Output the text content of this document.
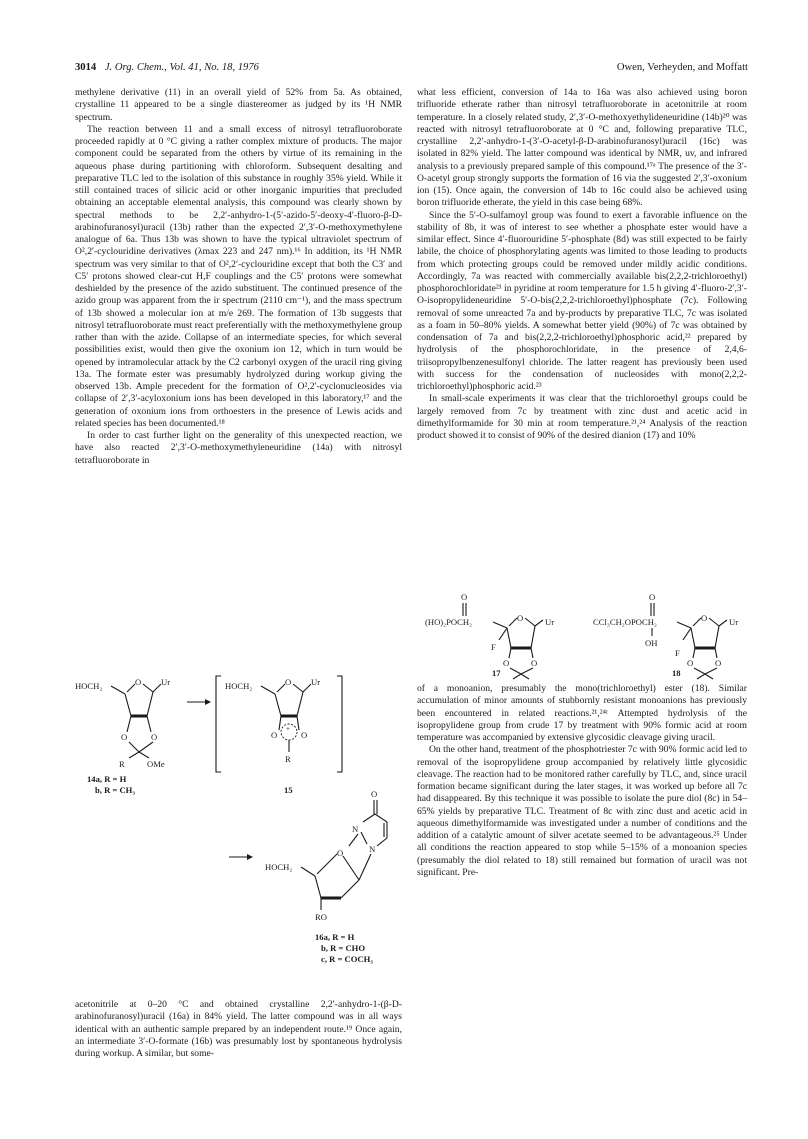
3014 J. Org. Chem., Vol. 41, No. 18, 1976	Owen, Verheyden, and Moffatt

methylene derivative (11) in an overall yield of 52% from 5a. As obtained, crystalline 11 appeared to be a single diastereomer as judged by its ¹H NMR spectrum.

The reaction between 11 and a small excess of nitrosyl tetrafluoroborate proceeded rapidly at 0 °C giving a rather complex mixture of products. The major component could be separated from the others by virtue of its remaining in the aqueous phase during partitioning with chloroform. Subsequent desalting and preparative TLC led to the isolation of this substance in roughly 35% yield. While it still contained traces of silicic acid or other inorganic impurities that precluded obtaining an acceptable elemental analysis, this compound was clearly shown by spectral methods to be 2,2′-anhydro-1-(5′-azido-5′-deoxy-4′-fluoro-β-D-arabinofuranosyl)uracil (13b) rather than the expected 2′,3′-O-methoxymethylene analogue of 6a. Thus 13b was shown to have the typical ultraviolet spectrum of O²,2′-cyclouridine derivatives (λmax 223 and 247 nm).¹⁶ In addition, its ¹H NMR spectrum was very similar to that of O²,2′-cyclouridine except that both the C3′ and C5′ protons showed clear-cut H,F couplings and the C5′ protons were somewhat deshielded by the presence of the azido substituent. The continued presence of the azido group was apparent from the ir spectrum (2110 cm⁻¹), and the mass spectrum of 13b showed a molecular ion at m/e 269. The formation of 13b suggests that nitrosyl tetrafluoroborate must react preferentially with the methoxymethylene group rather than with the azide. Collapse of an intermediate species, for which several possibilities exist, would then give the oxonium ion 12, which in turn would be opened by intramolecular attack by the C2 carbonyl oxygen of the uracil ring giving 13a. The formate ester was presumably hydrolyzed during workup giving the observed 13b. Ample precedent for the formation of O²,2′-cyclonucleosides via collapse of 2′,3′-acyloxonium ions has been developed in this laboratory,¹⁷ and the generation of oxonium ions from orthoesters in the presence of Lewis acids and related species has been documented.¹⁸

In order to cast further light on the generality of this unexpected reaction, we have also reacted 2′,3′-O-methoxymethyleneuridine (14a) with nitrosyl tetrafluoroborate in

what less efficient, conversion of 14a to 16a was also achieved using boron trifluoride etherate rather than nitrosyl tetrafluoroborate in acetonitrile at room temperature. In a closely related study, 2′,3′-O-methoxyethylideneuridine (14b)²⁰ was reacted with nitrosyl tetrafluoroborate at 0 °C and, following preparative TLC, crystalline 2,2′-anhydro-1-(3′-O-acetyl-β-D-arabinofuranosyl)uracil (16c) was isolated in 82% yield. The latter compound was identical by NMR, uv, and infrared analysis to a previously prepared sample of this compound.¹⁷ᵃ The presence of the 3′-O-acetyl group strongly supports the formation of 16 via the suggested 2′,3′-oxonium ion (15). Once again, the conversion of 14b to 16c could also be achieved using boron trifluoride etherate, the yield in this case being 68%.

Since the 5′-O-sulfamoyl group was found to exert a favorable influence on the stability of 8b, it was of interest to see whether a phosphate ester would have a similar effect. Since 4′-fluorouridine 5′-phosphate (8d) was still expected to be fairly labile, the choice of phosphorylating agents was limited to those leading to products from which protecting groups could be removed under mildly acidic conditions. Accordingly, 7a was reacted with commercially available bis(2,2,2-trichloroethyl) phosphorochloridate²¹ in pyridine at room temperature for 1.5 h giving 4′-fluoro-2′,3′-O-isopropylideneuridine 5′-O-bis(2,2,2-trichloroethyl)phosphate (7c). Following removal of some unreacted 7a and by-products by preparative TLC, 7c was isolated as a foam in 50–80% yields. A somewhat better yield (90%) of 7c was obtained by condensation of 7a and bis(2,2,2-trichloroethyl)phosphoric acid,²² prepared by hydrolysis of the phosphorochloridate, in the presence of 2,4,6-triisopropylbenzenesulfonyl chloride. The latter reagent has previously been used with success for the condensation of nucleosides with mono(2,2,2-trichloroethyl)phosphoric acid.²³

In small-scale experiments it was clear that the trichloroethyl groups could be largely removed from 7c by treatment with zinc dust and acetic acid in dimethylformamide for 30 min at room temperature.²¹,²⁴ Analysis of the reaction product showed it to consist of 90% of the desired dianion (17) and 10%

HOCH₂	O Ur
O	O
R	OMe
14a, R = H
b, R = CH₃
HOCH₂	O Ur
+
O	O
R
15	O
N
N
O
HOCH₂
RO
16a, R = H
b, R = CHO
c, R = COCH₃
O
(HO)₂POCH₂	O	Ur
F
O	O
O
CCl₃CH₂OPOCH₂
OH
O	Ur
F
O	O
17	18

of a monoanion, presumably the mono(trichloroethyl) ester (18). Similar accumulation of minor amounts of stubbornly resistant monoanions has previously been encountered in related reactions.²¹,²⁴ᶜ Attempted hydrolysis of the isopropylidene group from crude 17 by treatment with 90% formic acid at room temperature was accompanied by extensive glycosidic cleavage giving uracil.

On the other hand, treatment of the phosphotriester 7c with 90% formic acid led to removal of the isopropylidene group accompanied by relatively little glycosidic cleavage. The reaction had to be monitored rather carefully by TLC, and, since uracil formation became significant during the later stages, it was worked up before all 7c had disappeared. By this technique it was possible to isolate the pure diol (8c) in 54–65% yields by preparative TLC. Treatment of 8c with zinc dust and acetic acid in aqueous dimethylformamide was investigated under a number of conditions and the addition of a catalytic amount of silver acetate seemed to be advantageous.²⁵ Under all conditions the reaction appeared to stop while 5–15% of a monoanion species (presumably the diol related to 18) still remained but formation of uracil was not significant. Pre-

acetonitrile at 0–20 °C and obtained crystalline 2,2′-anhydro-1-(β-D-arabinofuranosyl)uracil (16a) in 84% yield. The latter compound was in all ways identical with an authentic sample prepared by an independent route.¹⁹ Once again, an intermediate 3′-O-formate (16b) was presumably lost by spontaneous hydrolysis during workup. A similar, but some-
